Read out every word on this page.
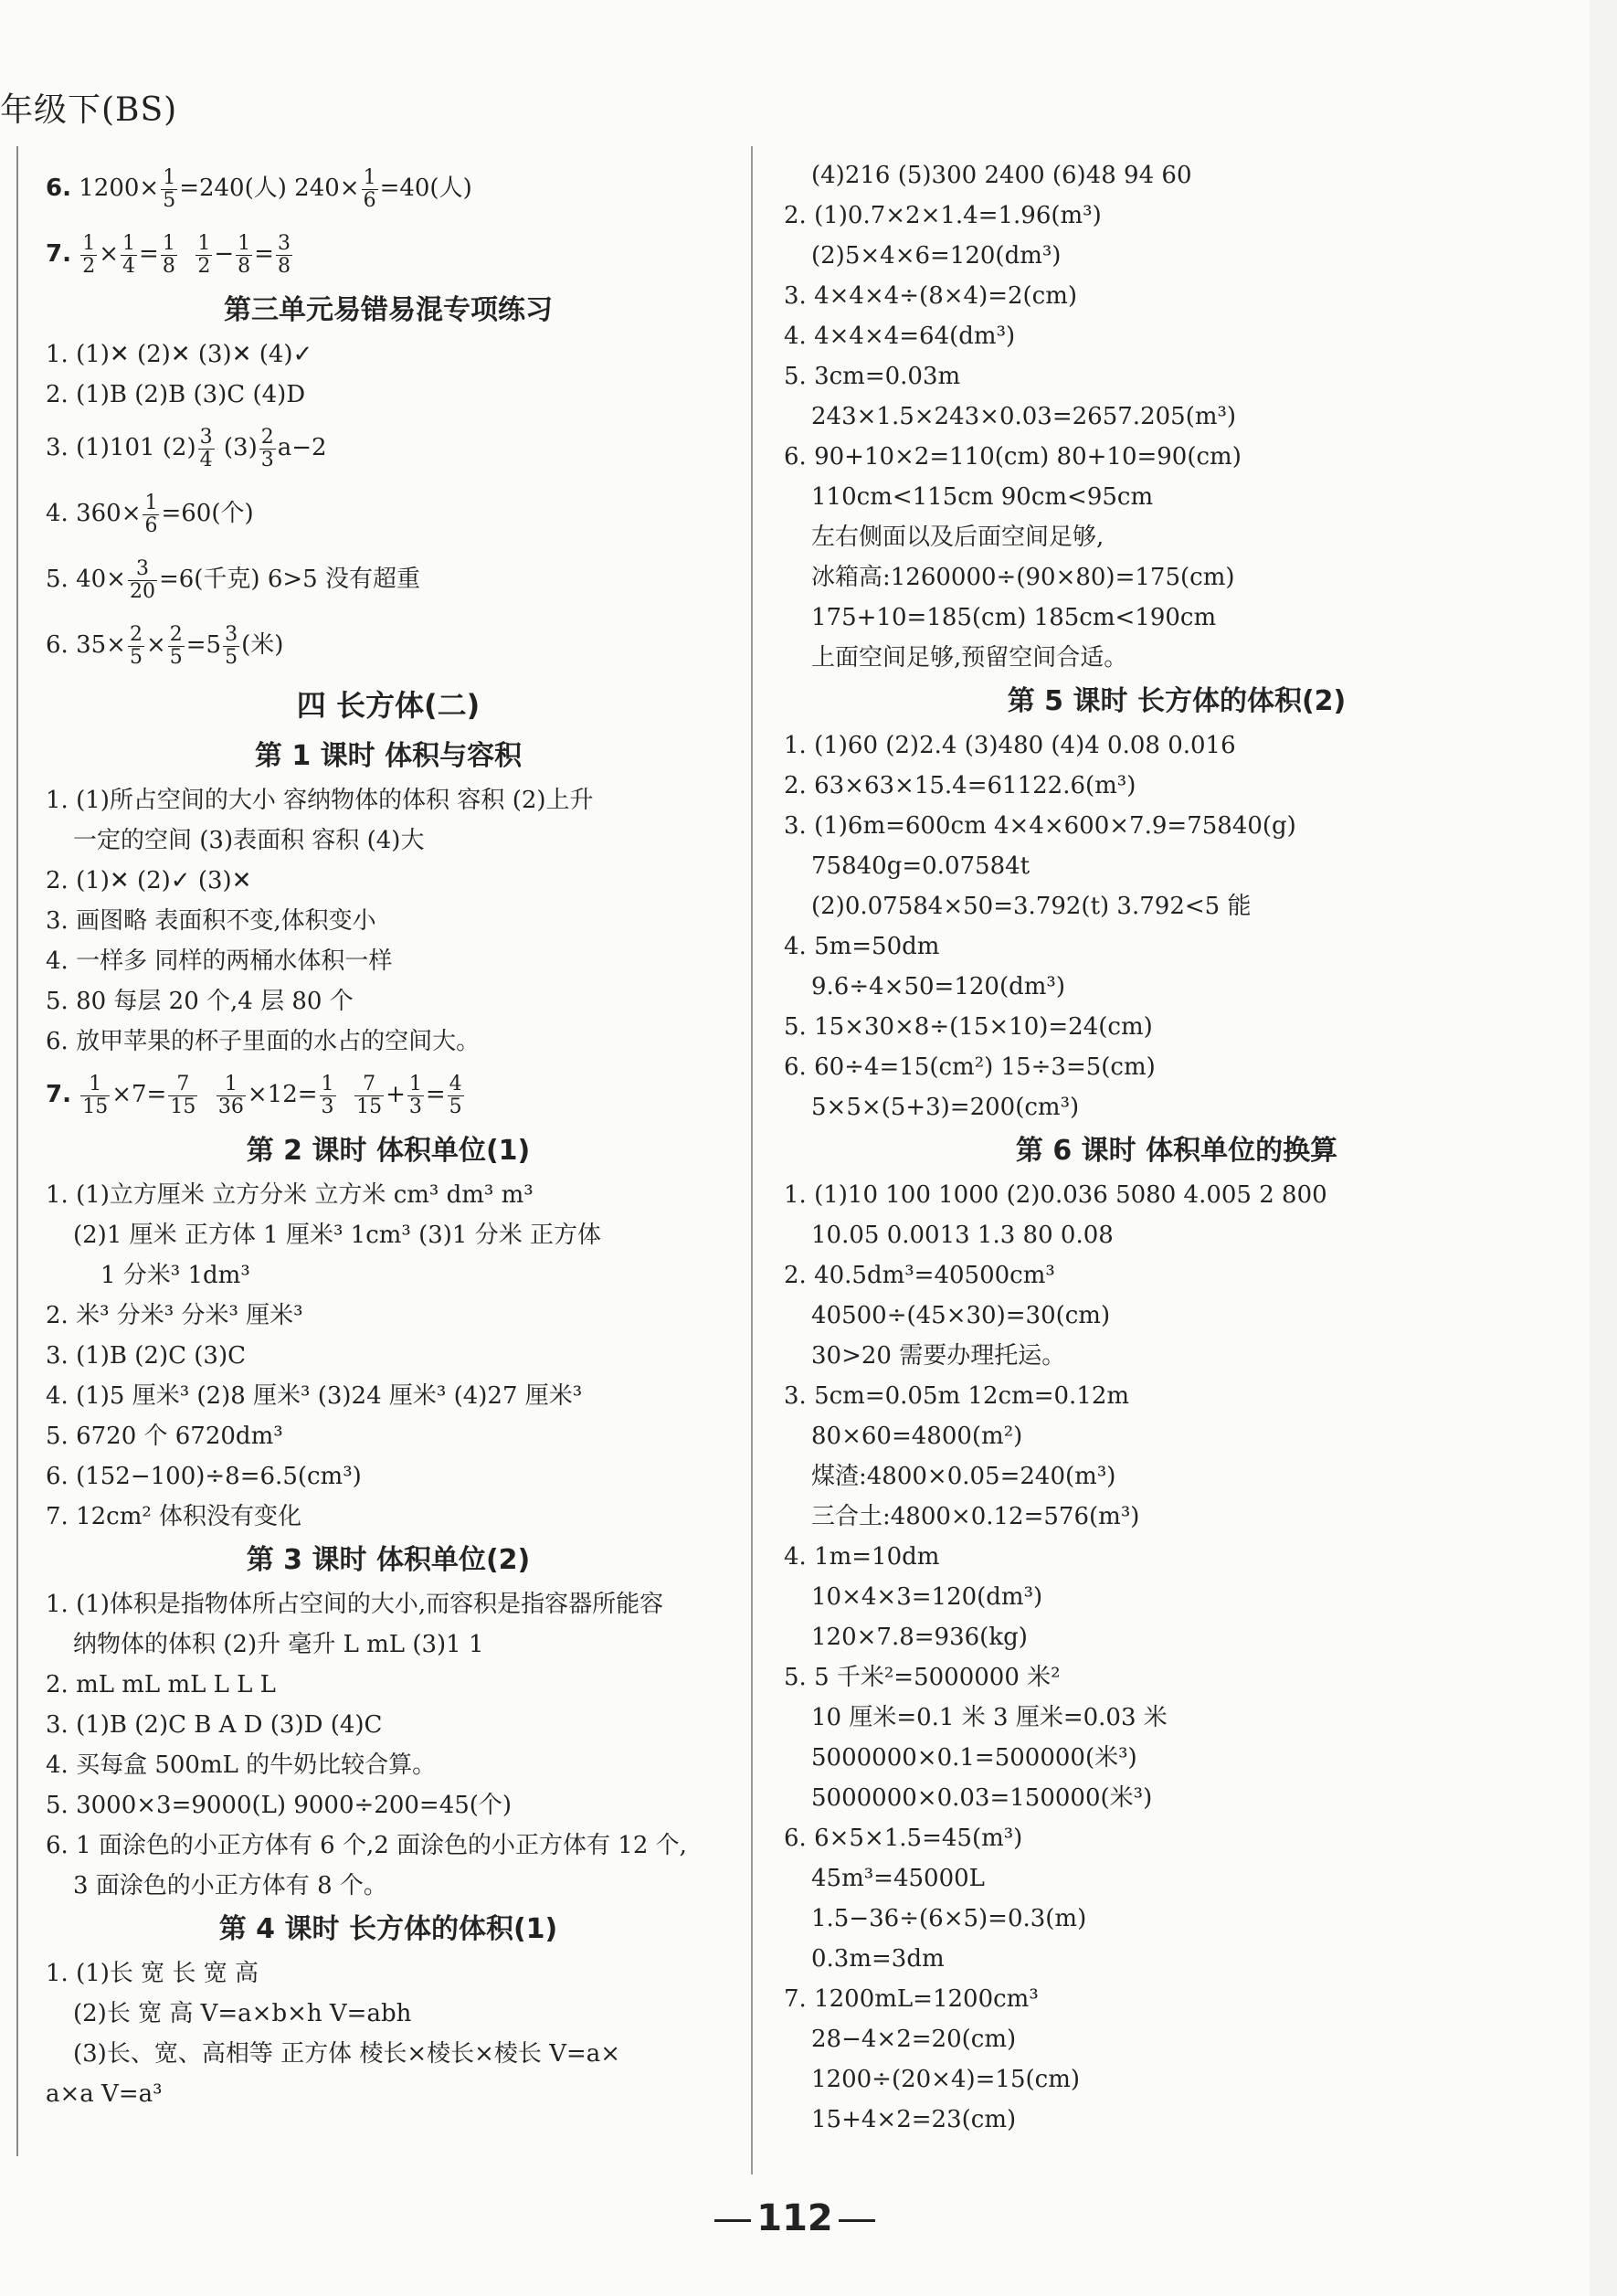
年级下(BS)
6. $1200\times \frac{1}{5} =240$(人) $240\times \frac{1}{6} =40$(人)
7. $\frac{1}{2} \times \frac{1}{4} = \frac{1}{8}$
$\frac{1}{2} - \frac{1}{8} = \frac{3}{8}$
第三单元易错易混专项练习
1. (1)✕ (2)✕ (3)✕ (4)✓
2. (1)B (2)B (3)C (4)D
3. (1)101 $(2) \frac{3}{4} (3) \frac{2}{3} a-2$
4. $360\times \frac{1}{6} =60$(个)
5. $40\times \frac{3}{20} =6$(千克) 6>5 没有超重
6. $35\times \frac{2}{5} \times \frac{2}{5} =5 \frac{3}{5}$ (米)
四 长方体(二)
第 1 课时 体积与容积
1. (1)所占空间的大小 容纳物体的体积 容积 (2)上升
一定的空间 (3)表面积 容积 (4)大
2. (1)✕ (2)✓ (3)✕
3. 画图略 表面积不变,体积变小
4. 一样多 同样的两桶水体积一样
5. 80 每层 20 个,4 层 80 个
6. 放甲苹果的杯子里面的水占的空间大。
7. $\frac{1}{15} \times 7= \frac{7}{15}$
$\frac{1}{36} \times 12= \frac{1}{3}$
$\frac{7}{15} + \frac{1}{3} = \frac{4}{5}$
第 2 课时 体积单位(1)
1. (1)立方厘米 立方分米 立方米 cm³ dm³ m³
(2)1 厘米 正方体 1 厘米³ 1cm³ (3)1 分米 正方体
1 分米³ 1dm³
2. 米³ 分米³ 分米³ 厘米³
3. (1)B (2)C (3)C
4. (1)5 厘米³ (2)8 厘米³ (3)24 厘米³ (4)27 厘米³
5. 6720 个 6720dm³
6. (152−100)÷8=6.5(cm³)
7. 12cm² 体积没有变化
第 3 课时 体积单位(2)
1. (1)体积是指物体所占空间的大小,而容积是指容器所能容
纳物体的体积 (2)升 毫升 L mL (3)1 1
2. mL mL mL L L L
3. (1)B (2)C B A D (3)D (4)C
4. 买每盒 500mL 的牛奶比较合算。
5. 3000×3=9000(L) 9000÷200=45(个)
6. 1 面涂色的小正方体有 6 个,2 面涂色的小正方体有 12 个,
3 面涂色的小正方体有 8 个。
第 4 课时 长方体的体积(1)
1. (1)长 宽 长 宽 高
(2)长 宽 高 V=a×b×h V=abh
(3)长、宽、高相等 正方体 棱长×棱长×棱长 V=a×
a×a V=a³
(4)216 (5)300 2400 (6)48 94 60
2. (1)0.7×2×1.4=1.96(m³)
(2)5×4×6=120(dm³)
3. 4×4×4÷(8×4)=2(cm)
4. 4×4×4=64(dm³)
5. 3cm=0.03m
243×1.5×243×0.03=2657.205(m³)
6. 90+10×2=110(cm) 80+10=90(cm)
110cm<115cm 90cm<95cm
左右侧面以及后面空间足够,
冰箱高:1260000÷(90×80)=175(cm)
175+10=185(cm) 185cm<190cm
上面空间足够,预留空间合适。
第 5 课时 长方体的体积(2)
1. (1)60 (2)2.4 (3)480 (4)4 0.08 0.016
2. 63×63×15.4=61122.6(m³)
3. (1)6m=600cm 4×4×600×7.9=75840(g)
75840g=0.07584t
(2)0.07584×50=3.792(t) 3.792<5 能
4. 5m=50dm
9.6÷4×50=120(dm³)
5. 15×30×8÷(15×10)=24(cm)
6. 60÷4=15(cm²) 15÷3=5(cm)
5×5×(5+3)=200(cm³)
第 6 课时 体积单位的换算
1. (1)10 100 1000 (2)0.036 5080 4.005 2 800
10.05 0.0013 1.3 80 0.08
2. 40.5dm³=40500cm³
40500÷(45×30)=30(cm)
30>20 需要办理托运。
3. 5cm=0.05m 12cm=0.12m
80×60=4800(m²)
煤渣:4800×0.05=240(m³)
三合土:4800×0.12=576(m³)
4. 1m=10dm
10×4×3=120(dm³)
120×7.8=936(kg)
5. 5 千米²=5000000 米²
10 厘米=0.1 米 3 厘米=0.03 米
5000000×0.1=500000(米³)
5000000×0.03=150000(米³)
6. 6×5×1.5=45(m³)
45m³=45000L
1.5−36÷(6×5)=0.3(m)
0.3m=3dm
7. 1200mL=1200cm³
28−4×2=20(cm)
1200÷(20×4)=15(cm)
15+4×2=23(cm)
112
